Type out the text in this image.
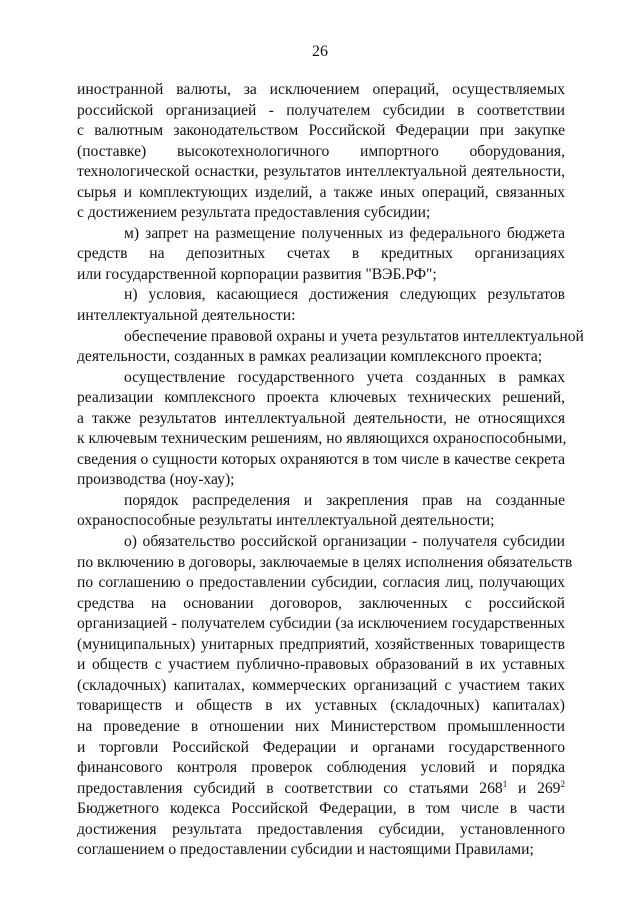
26
иностранной валюты, за исключением операций, осуществляемых
российской организацией - получателем субсидии в соответствии
с валютным законодательством Российской Федерации при закупке
(поставке) высокотехнологичного импортного оборудования,
технологической оснастки, результатов интеллектуальной деятельности,
сырья и комплектующих изделий, а также иных операций, связанных
с достижением результата предоставления субсидии;
м) запрет на размещение полученных из федерального бюджета
средств на депозитных счетах в кредитных организациях
или государственной корпорации развития "ВЭБ.РФ";
н) условия, касающиеся достижения следующих результатов
интеллектуальной деятельности:
обеспечение правовой охраны и учета результатов интеллектуальной
деятельности, созданных в рамках реализации комплексного проекта;
осуществление государственного учета созданных в рамках
реализации комплексного проекта ключевых технических решений,
а также результатов интеллектуальной деятельности, не относящихся
к ключевым техническим решениям, но являющихся охраноспособными,
сведения о сущности которых охраняются в том числе в качестве секрета
производства (ноу-хау);
порядок распределения и закрепления прав на созданные
охраноспособные результаты интеллектуальной деятельности;
о) обязательство российской организации - получателя субсидии
по включению в договоры, заключаемые в целях исполнения обязательств
по соглашению о предоставлении субсидии, согласия лиц, получающих
средства на основании договоров, заключенных с российской
организацией - получателем субсидии (за исключением государственных
(муниципальных) унитарных предприятий, хозяйственных товариществ
и обществ с участием публично-правовых образований в их уставных
(складочных) капиталах, коммерческих организаций с участием таких
товариществ и обществ в их уставных (складочных) капиталах)
на проведение в отношении них Министерством промышленности
и торговли Российской Федерации и органами государственного
финансового контроля проверок соблюдения условий и порядка
предоставления субсидий в соответствии со статьями $268^1$ и $269^2$
Бюджетного кодекса Российской Федерации, в том числе в части
достижения результата предоставления субсидии, установленного
соглашением о предоставлении субсидии и настоящими Правилами;
